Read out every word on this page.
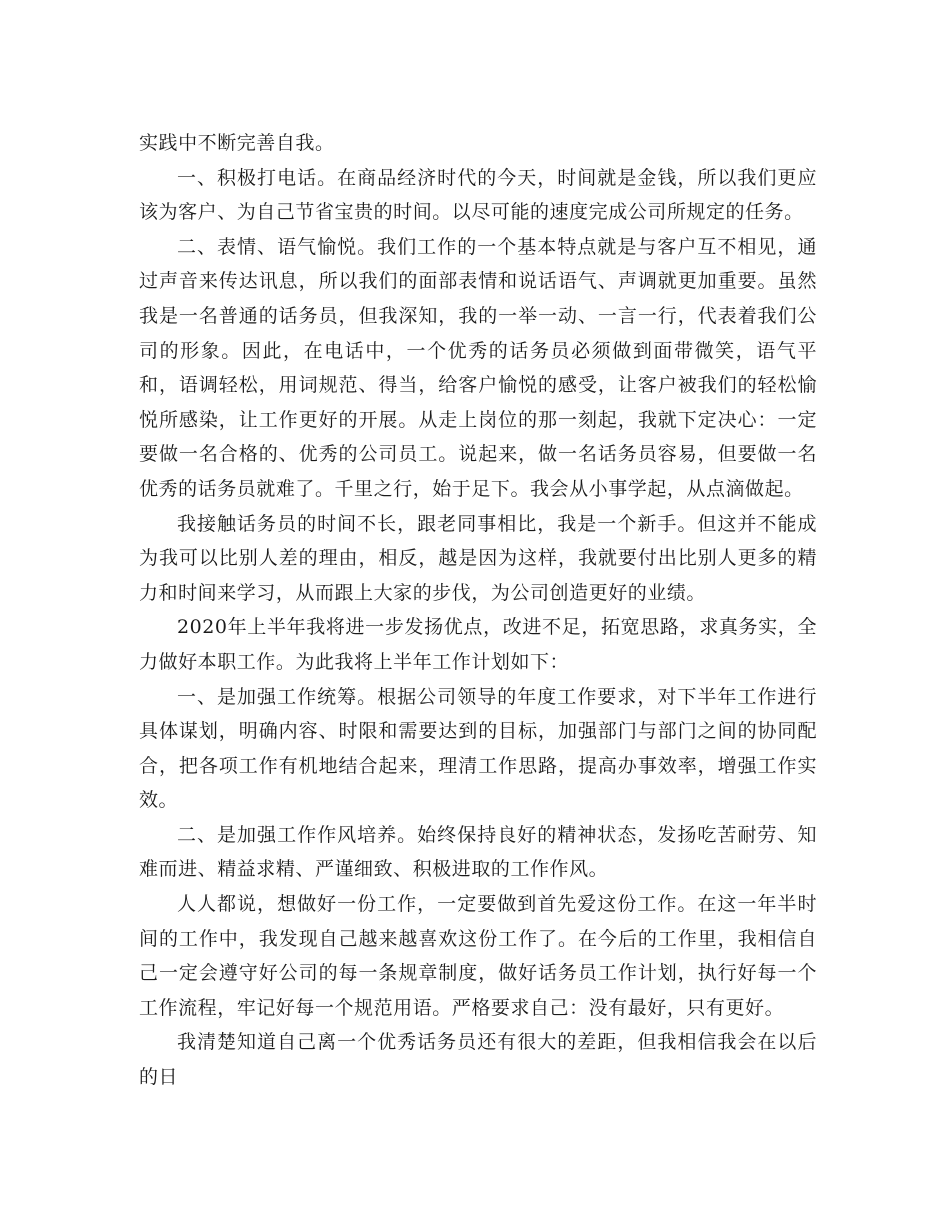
实践中不断完善自我。

一、积极打电话。在商品经济时代的今天，时间就是金钱，所以我们更应该为客户、为自己节省宝贵的时间。以尽可能的速度完成公司所规定的任务。

二、表情、语气愉悦。我们工作的一个基本特点就是与客户互不相见，通过声音来传达讯息，所以我们的面部表情和说话语气、声调就更加重要。虽然我是一名普通的话务员，但我深知，我的一举一动、一言一行，代表着我们公司的形象。因此，在电话中，一个优秀的话务员必须做到面带微笑，语气平和，语调轻松，用词规范、得当，给客户愉悦的感受，让客户被我们的轻松愉悦所感染，让工作更好的开展。从走上岗位的那一刻起，我就下定决心：一定要做一名合格的、优秀的公司员工。说起来，做一名话务员容易，但要做一名优秀的话务员就难了。千里之行，始于足下。我会从小事学起，从点滴做起。

我接触话务员的时间不长，跟老同事相比，我是一个新手。但这并不能成为我可以比别人差的理由，相反，越是因为这样，我就要付出比别人更多的精力和时间来学习，从而跟上大家的步伐，为公司创造更好的业绩。

2020年上半年我将进一步发扬优点，改进不足，拓宽思路，求真务实，全力做好本职工作。为此我将上半年工作计划如下：

一、是加强工作统筹。根据公司领导的年度工作要求，对下半年工作进行具体谋划，明确内容、时限和需要达到的目标，加强部门与部门之间的协同配合，把各项工作有机地结合起来，理清工作思路，提高办事效率，增强工作实效。

二、是加强工作作风培养。始终保持良好的精神状态，发扬吃苦耐劳、知难而进、精益求精、严谨细致、积极进取的工作作风。

人人都说，想做好一份工作，一定要做到首先爱这份工作。在这一年半时间的工作中，我发现自己越来越喜欢这份工作了。在今后的工作里，我相信自己一定会遵守好公司的每一条规章制度，做好话务员工作计划，执行好每一个工作流程，牢记好每一个规范用语。严格要求自己：没有最好，只有更好。

我清楚知道自己离一个优秀话务员还有很大的差距，但我相信我会在以后的日
